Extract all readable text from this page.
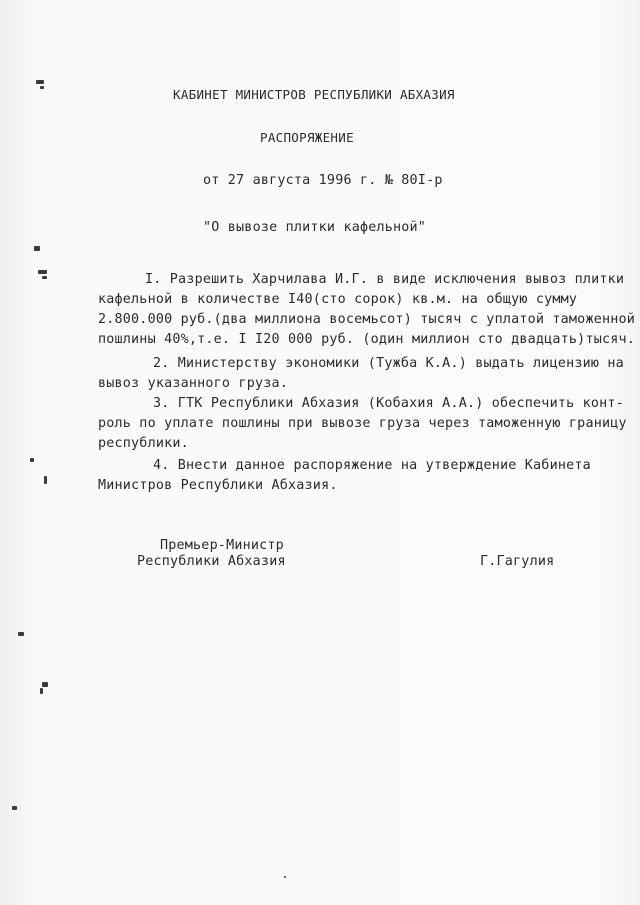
КАБИНЕТ МИНИСТРОВ РЕСПУБЛИКИ АБХАЗИЯ
РАСПОРЯЖЕНИЕ
от 27 августа 1996 г. № 80I-р
"О вывозе плитки кафельной"
I. Разрешить Харчилава И.Г. в виде исключения вывоз плитки
кафельной в количестве I40(сто сорок) кв.м. на общую сумму
2.800.000 руб.(два миллиона восемьсот) тысяч с уплатой таможенной
пошлины 40%,т.е. I I20 000 руб. (один миллион сто двадцать)тысяч.
2. Министерству экономики (Тужба К.А.) выдать лицензию на
вывоз указанного груза.
3. ГТК Республики Абхазия (Кобахия А.А.) обеспечить конт-
роль по уплате пошлины при вывозе груза через таможенную границу
республики.
4. Внести данное распоряжение на утверждение Кабинета
Министров Республики Абхазия.
Премьер-Министр
Республики Абхазия	Г.Гагулия
